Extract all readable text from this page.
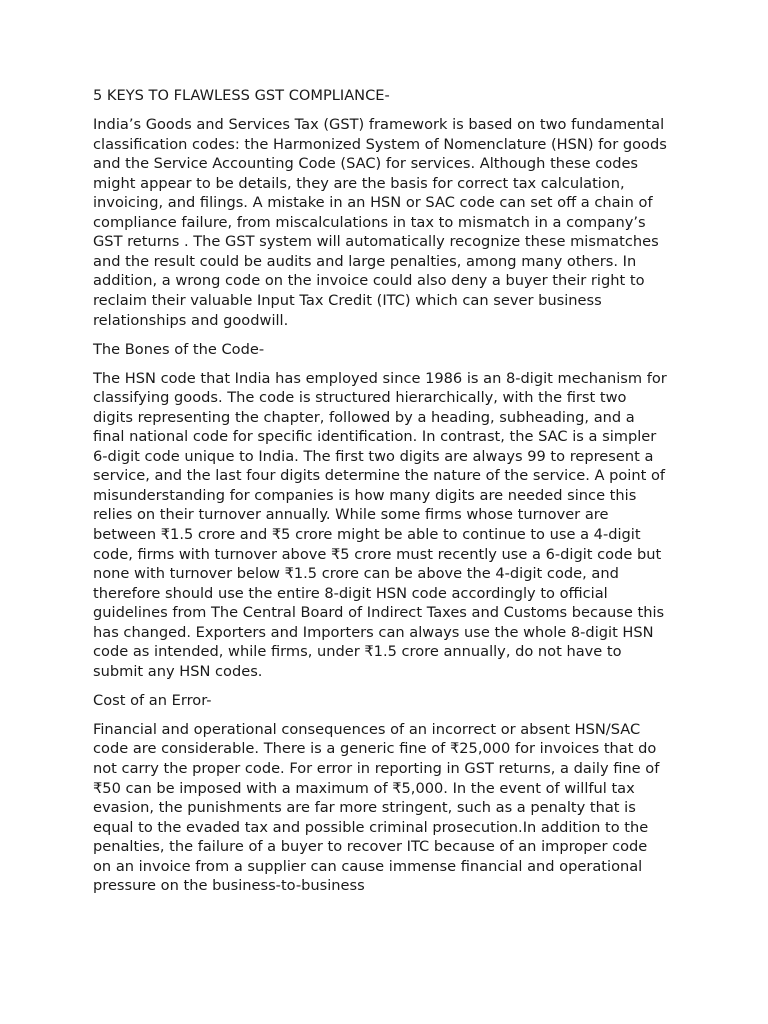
5 KEYS TO FLAWLESS GST COMPLIANCE-

India’s Goods and Services Tax (GST) framework is based on two fundamental classification codes: the Harmonized System of Nomenclature (HSN) for goods and the Service Accounting Code (SAC) for services. Although these codes might appear to be details, they are the basis for correct tax calculation, invoicing, and filings. A mistake in an HSN or SAC code can set off a chain of compliance failure, from miscalculations in tax to mismatch in a company’s GST returns . The GST system will automatically recognize these mismatches and the result could be audits and large penalties, among many others. In addition, a wrong code on the invoice could also deny a buyer their right to reclaim their valuable Input Tax Credit (ITC) which can sever business relationships and goodwill.

The Bones of the Code-

The HSN code that India has employed since 1986 is an 8-digit mechanism for classifying goods. The code is structured hierarchically, with the first two digits representing the chapter, followed by a heading, subheading, and a final national code for specific identification. In contrast, the SAC is a simpler 6-digit code unique to India. The first two digits are always 99 to represent a service, and the last four digits determine the nature of the service. A point of misunderstanding for companies is how many digits are needed since this relies on their turnover annually. While some firms whose turnover are between ₹1.5 crore and ₹5 crore might be able to continue to use a 4-digit code, firms with turnover above ₹5 crore must recently use a 6-digit code but none with turnover below ₹1.5 crore can be above the 4-digit code, and therefore should use the entire 8-digit HSN code accordingly to official guidelines from The Central Board of Indirect Taxes and Customs because this has changed. Exporters and Importers can always use the whole 8-digit HSN code as intended, while firms, under ₹1.5 crore annually, do not have to submit any HSN codes.

Cost of an Error-

Financial and operational consequences of an incorrect or absent HSN/SAC code are considerable. There is a generic fine of ₹25,000 for invoices that do not carry the proper code. For error in reporting in GST returns, a daily fine of ₹50 can be imposed with a maximum of ₹5,000. In the event of willful tax evasion, the punishments are far more stringent, such as a penalty that is equal to the evaded tax and possible criminal prosecution.In addition to the penalties, the failure of a buyer to recover ITC because of an improper code on an invoice from a supplier can cause immense financial and operational pressure on the business-to-business
